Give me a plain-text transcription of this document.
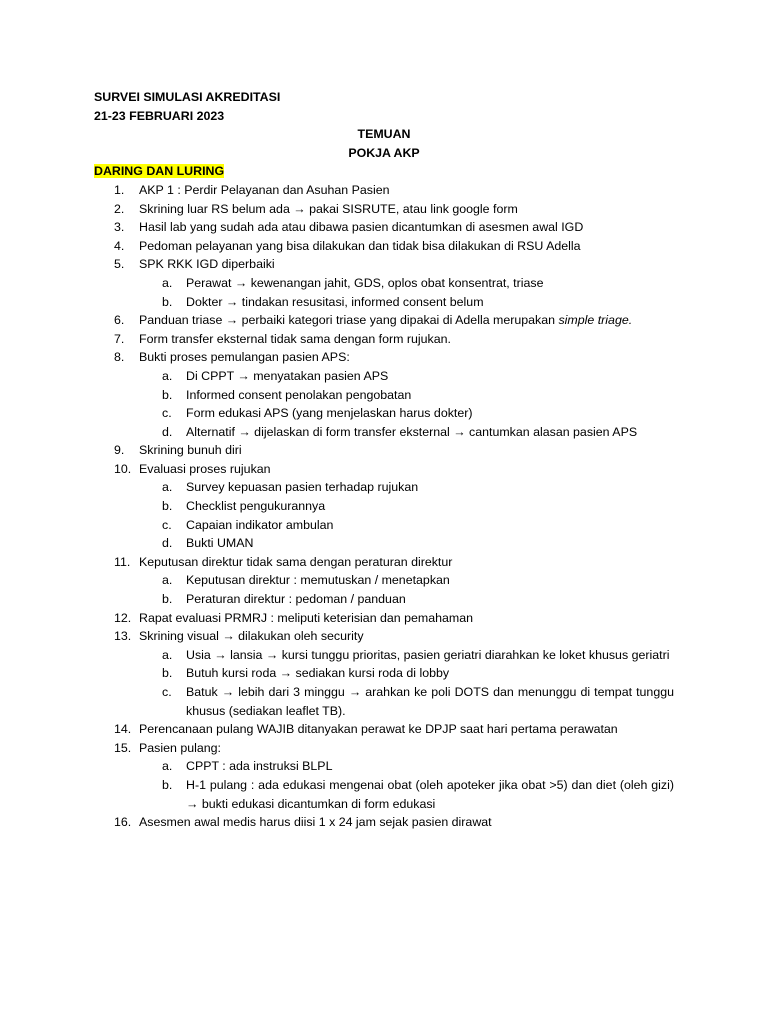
SURVEI SIMULASI AKREDITASI
21-23 FEBRUARI 2023
TEMUAN
POKJA AKP
DARING DAN LURING
1.	AKP 1 : Perdir Pelayanan dan Asuhan Pasien
2.	Skrining luar RS belum ada → pakai SISRUTE, atau link google form
3.	Hasil lab yang sudah ada atau dibawa pasien dicantumkan di asesmen awal IGD
4.	Pedoman pelayanan yang bisa dilakukan dan tidak bisa dilakukan di RSU Adella
5.	SPK RKK IGD diperbaiki
a.	Perawat → kewenangan jahit, GDS, oplos obat konsentrat, triase
b.	Dokter → tindakan resusitasi, informed consent belum
6.	Panduan triase → perbaiki kategori triase yang dipakai di Adella merupakan simple triage.
7.	Form transfer eksternal tidak sama dengan form rujukan.
8.	Bukti proses pemulangan pasien APS:
a.	Di CPPT → menyatakan pasien APS
b.	Informed consent penolakan pengobatan
c.	Form edukasi APS (yang menjelaskan harus dokter)
d.	Alternatif → dijelaskan di form transfer eksternal → cantumkan alasan pasien APS
9.	Skrining bunuh diri
10. Evaluasi proses rujukan
a.	Survey kepuasan pasien terhadap rujukan
b.	Checklist pengukurannya
c.	Capaian indikator ambulan
d.	Bukti UMAN
11. Keputusan direktur tidak sama dengan peraturan direktur
a.	Keputusan direktur : memutuskan / menetapkan
b.	Peraturan direktur : pedoman / panduan
12. Rapat evaluasi PRMRJ : meliputi keterisian dan pemahaman
13. Skrining visual → dilakukan oleh security
a.	Usia → lansia → kursi tunggu prioritas, pasien geriatri diarahkan ke loket khusus geriatri
b.	Butuh kursi roda → sediakan kursi roda di lobby
c.	Batuk → lebih dari 3 minggu → arahkan ke poli DOTS dan menunggu di tempat tunggu khusus (sediakan leaflet TB).
14. Perencanaan pulang WAJIB ditanyakan perawat ke DPJP saat hari pertama perawatan
15. Pasien pulang:
a.	CPPT : ada instruksi BLPL
b.	H-1 pulang : ada edukasi mengenai obat (oleh apoteker jika obat >5) dan diet (oleh gizi) → bukti edukasi dicantumkan di form edukasi
16. Asesmen awal medis harus diisi 1 x 24 jam sejak pasien dirawat
